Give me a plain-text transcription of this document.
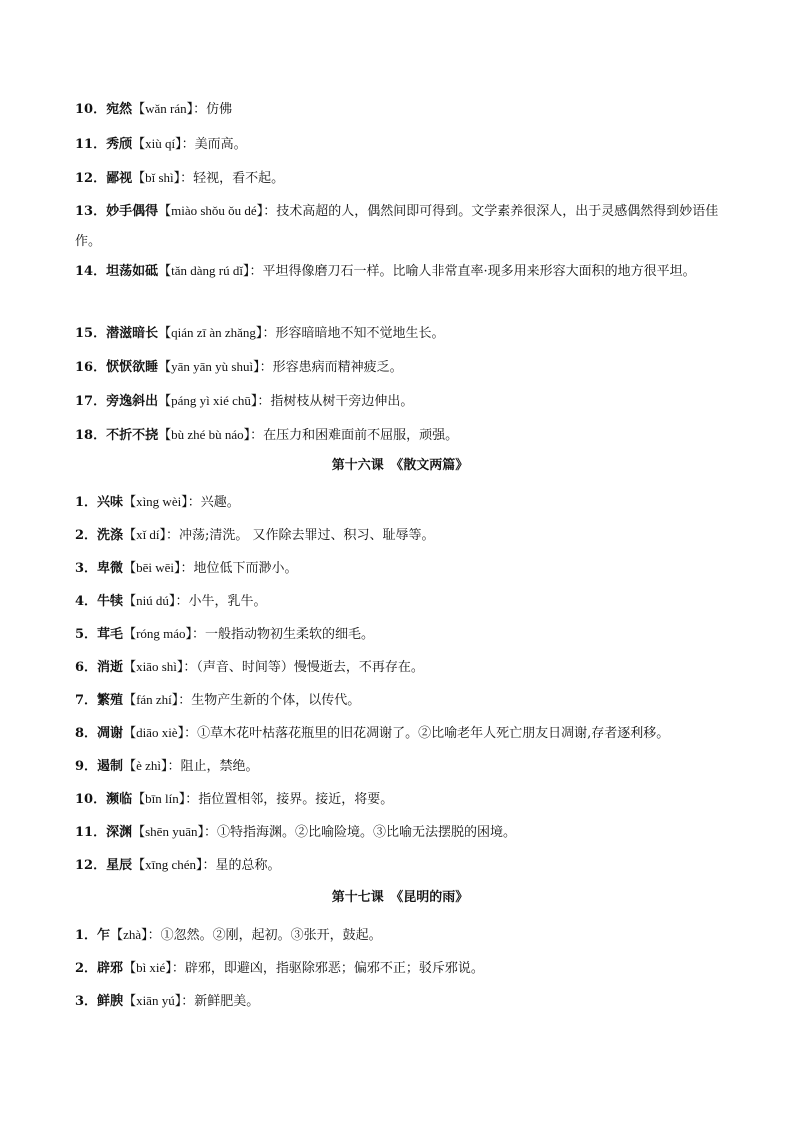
10．宛然【wǎn rán】：仿佛
11．秀颀【xiù qí】：美而高。
12．鄙视【bǐ shì】：轻视，看不起。
13．妙手偶得【miào shǒu ǒu dé】：技术高超的人，偶然间即可得到。文学素养很深人，出于灵感偶然得到妙语佳作。
14．坦荡如砥【tǎn dàng rú dǐ】：平坦得像磨刀石一样。比喻人非常直率·现多用来形容大面积的地方很平坦。
15．潜滋暗长【qián zī àn zhǎng】：形容暗暗地不知不觉地生长。
16．恹恹欲睡【yān yān yù shuì】：形容患病而精神疲乏。
17．旁逸斜出【páng yì xié chū】：指树枝从树干旁边伸出。
18．不折不挠【bù zhé bù náo】：在压力和困难面前不屈服，顽强。
第十六课　《散文两篇》
1．兴味【xìng wèi】：兴趣。
2．洗涤【xǐ dí】：冲荡;清洗。 又作除去罪过、积习、耻辱等。
3．卑微【bēi wēi】：地位低下而渺小。
4．牛犊【niú dú】：小牛，乳牛。
5．茸毛【róng máo】：一般指动物初生柔软的细毛。
6．消逝【xiāo shì】：（声音、时间等）慢慢逝去，不再存在。
7．繁殖【fán zhí】：生物产生新的个体，以传代。
8．凋谢【diāo xiè】：①草木花叶枯落花瓶里的旧花凋谢了。②比喻老年人死亡朋友日凋谢,存者逐利移。
9．遏制【è zhì】：阻止，禁绝。
10．濒临【bīn lín】：指位置相邻，接界。接近，将要。
11．深渊【shēn yuān】：①特指海渊。②比喻险境。③比喻无法摆脱的困境。
12．星辰【xīng chén】：星的总称。
第十七课　《昆明的雨》
1．乍【zhà】：①忽然。②刚，起初。③张开，鼓起。
2．辟邪【bì xié】：辟邪，即避凶，指驱除邪恶；偏邪不正；驳斥邪说。
3．鲜腴【xiān yú】：新鲜肥美。
